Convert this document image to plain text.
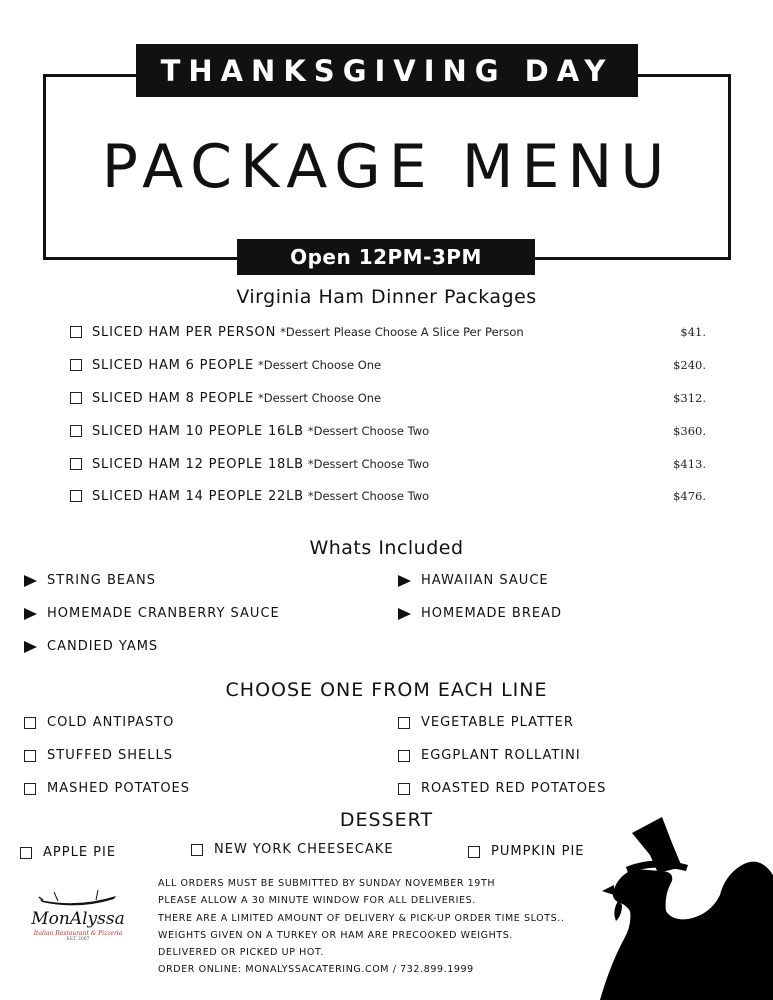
THANKSGIVING DAY
PACKAGE MENU
Open 12PM-3PM
Virginia Ham Dinner Packages
SLICED HAM PER PERSON *Dessert Please Choose A Slice Per Person	$41.
SLICED HAM 6 PEOPLE *Dessert Choose One	$240.
SLICED HAM 8 PEOPLE *Dessert Choose One	$312.
SLICED HAM 10 PEOPLE 16LB *Dessert Choose Two	$360.
SLICED HAM 12 PEOPLE 18LB *Dessert Choose Two	$413.
SLICED HAM 14 PEOPLE 22LB *Dessert Choose Two	$476.
Whats Included
STRING BEANS	HAWAIIAN SAUCE
HOMEMADE CRANBERRY SAUCE	HOMEMADE BREAD
CANDIED YAMS
CHOOSE ONE FROM EACH LINE
COLD ANTIPASTO	VEGETABLE PLATTER
STUFFED SHELLS	EGGPLANT ROLLATINI
MASHED POTATOES	ROASTED RED POTATOES
DESSERT
APPLE PIE	NEW YORK CHEESECAKE	PUMPKIN PIE
ALL ORDERS MUST BE SUBMITTED BY SUNDAY NOVEMBER 19TH
PLEASE ALLOW A 30 MINUTE WINDOW FOR ALL DELIVERIES.
THERE ARE A LIMITED AMOUNT OF DELIVERY & PICK-UP ORDER TIME SLOTS..
WEIGHTS GIVEN ON A TURKEY OR HAM ARE PRECOOKED WEIGHTS.
DELIVERED OR PICKED UP HOT.
ORDER ONLINE: MONALYSSACATERING.COM / 732.899.1999
MonAlyssa
Italian Restaurant & Pizzeria
EST. 2007
